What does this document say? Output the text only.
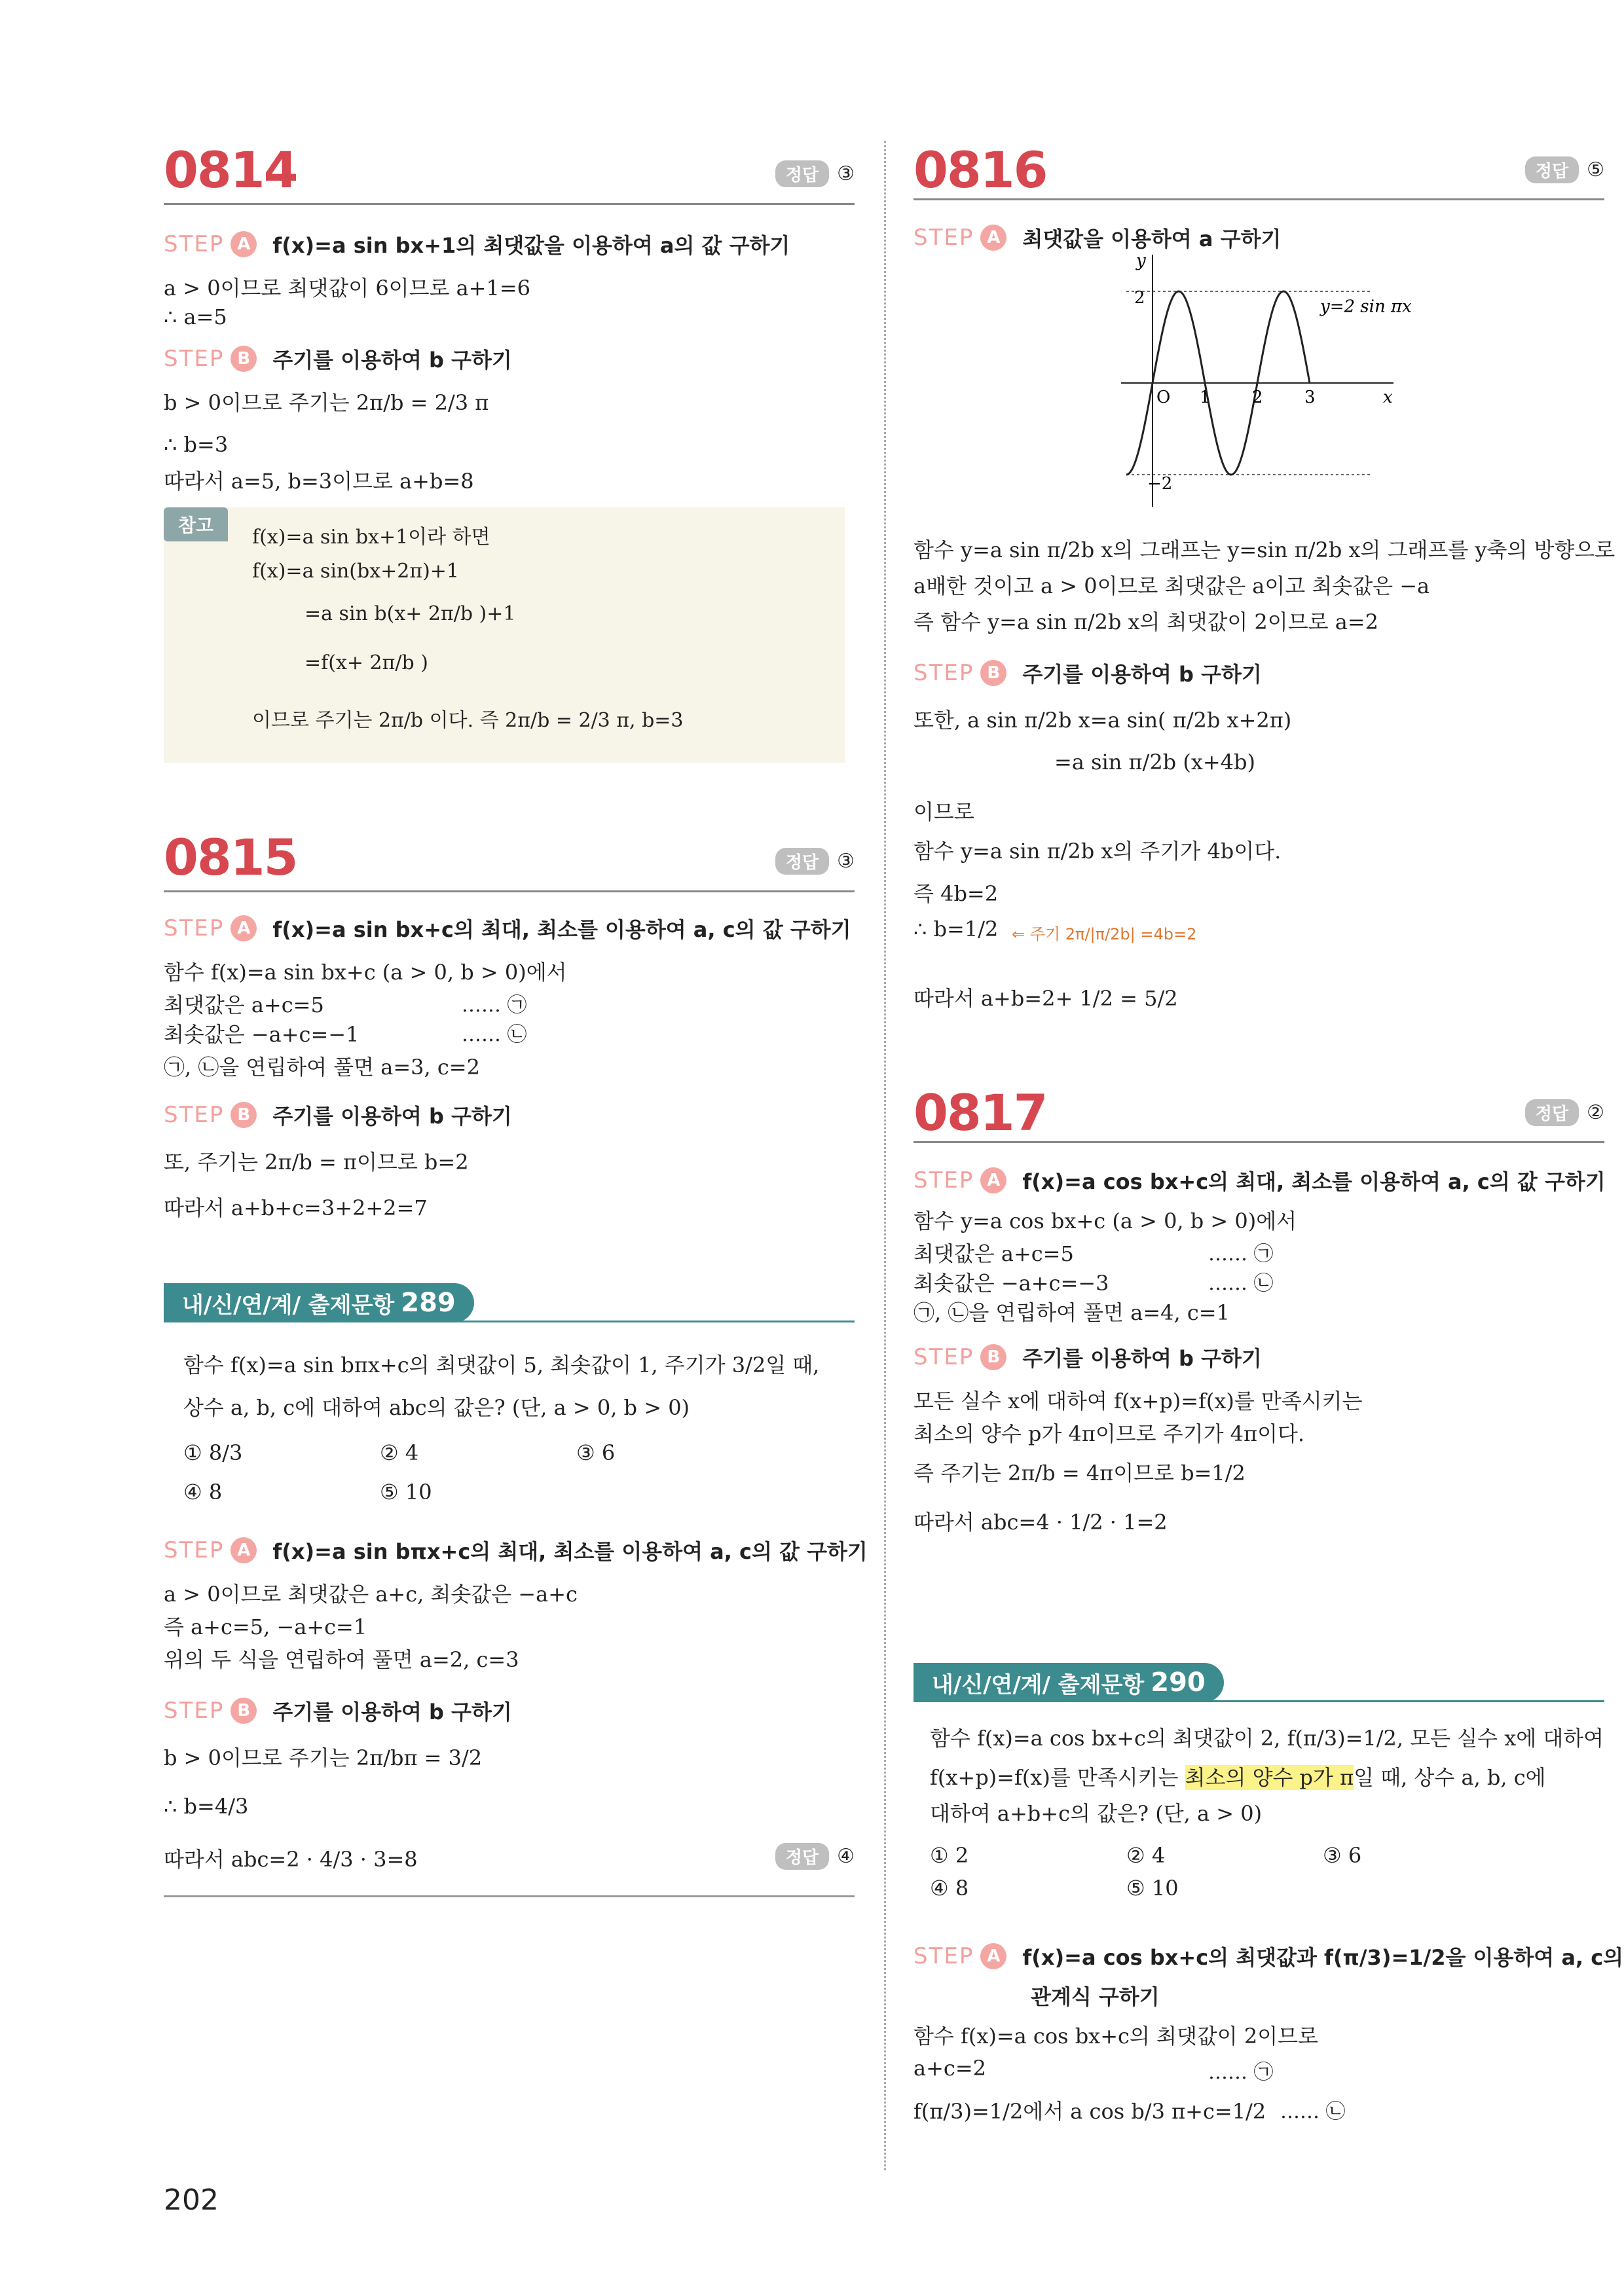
0814	정답 ③
STEP A	f(x)=a sin bx+1의 최댓값을 이용하여 a의 값 구하기
a > 0이므로 최댓값이 6이므로 a+1=6
∴ a=5
STEP B	주기를 이용하여 b 구하기
b > 0이므로 주기는 2π/b = 2/3 π
∴ b=3
따라서 a=5, b=3이므로 a+b=8
참고
f(x)=a sin bx+1이라 하면
f(x)=a sin(bx+2π)+1
=a sin b(x+ 2π/b )+1
=f(x+ 2π/b )
이므로 주기는 2π/b 이다. 즉 2π/b = 2/3 π, b=3
0815	정답 ③
STEP A	f(x)=a sin bx+c의 최대, 최소를 이용하여 a, c의 값 구하기
함수 f(x)=a sin bx+c (a > 0, b > 0)에서
최댓값은 a+c=5	…… ㉠
최솟값은 −a+c=−1	…… ㉡
㉠, ㉡을 연립하여 풀면 a=3, c=2
STEP B	주기를 이용하여 b 구하기
또, 주기는 2π/b = π이므로 b=2
따라서 a+b+c=3+2+2=7
내/신/연/계/ 출제문항 289
함수 f(x)=a sin bπx+c의 최댓값이 5, 최솟값이 1, 주기가 3/2일 때,
상수 a, b, c에 대하여 abc의 값은? (단, a > 0, b > 0)
① 8/3	② 4	③ 6
④ 8	⑤ 10
STEP A	f(x)=a sin bπx+c의 최대, 최소를 이용하여 a, c의 값 구하기
a > 0이므로 최댓값은 a+c, 최솟값은 −a+c
즉 a+c=5, −a+c=1
위의 두 식을 연립하여 풀면 a=2, c=3
STEP B	주기를 이용하여 b 구하기
b > 0이므로 주기는 2π/bπ = 3/2
∴ b=4/3
따라서 abc=2 · 4/3 · 3=8	정답 ④
0816	정답 ⑤
STEP A	최댓값을 이용하여 a 구하기
y
x
O
2
−2
y=2 sin πx
1 2 3
함수 y=a sin π/2b x의 그래프는 y=sin π/2b x의 그래프를 y축의 방향으로
a배한 것이고 a > 0이므로 최댓값은 a이고 최솟값은 −a
즉 함수 y=a sin π/2b x의 최댓값이 2이므로 a=2
STEP B	주기를 이용하여 b 구하기
또한, a sin π/2b x=a sin( π/2b x+2π)
=a sin π/2b (x+4b)
이므로
함수 y=a sin π/2b x의 주기가 4b이다.
즉 4b=2
∴ b=1/2 ⇐ 주기 2π/|π/2b| =4b=2
따라서 a+b=2+ 1/2 = 5/2
0817	정답 ②
STEP A	f(x)=a cos bx+c의 최대, 최소를 이용하여 a, c의 값 구하기
함수 y=a cos bx+c (a > 0, b > 0)에서
최댓값은 a+c=5	…… ㉠
최솟값은 −a+c=−3	…… ㉡
㉠, ㉡을 연립하여 풀면 a=4, c=1
STEP B	주기를 이용하여 b 구하기
모든 실수 x에 대하여 f(x+p)=f(x)를 만족시키는
최소의 양수 p가 4π이므로 주기가 4π이다.
즉 주기는 2π/b = 4π이므로 b=1/2
따라서 abc=4 · 1/2 · 1=2
내/신/연/계/ 출제문항 290
함수 f(x)=a cos bx+c의 최댓값이 2, f(π/3)=1/2, 모든 실수 x에 대하여
f(x+p)=f(x)를 만족시키는 최소의 양수 p가 π일 때, 상수 a, b, c에
대하여 a+b+c의 값은? (단, a > 0)
① 2	② 4	③ 6
④ 8	⑤ 10
STEP A	f(x)=a cos bx+c의 최댓값과 f(π/3)=1/2을 이용하여 a, c의
관계식 구하기
함수 f(x)=a cos bx+c의 최댓값이 2이므로
a+c=2	…… ㉠
f(π/3)=1/2에서 a cos b/3 π+c=1/2 …… ㉡
202
